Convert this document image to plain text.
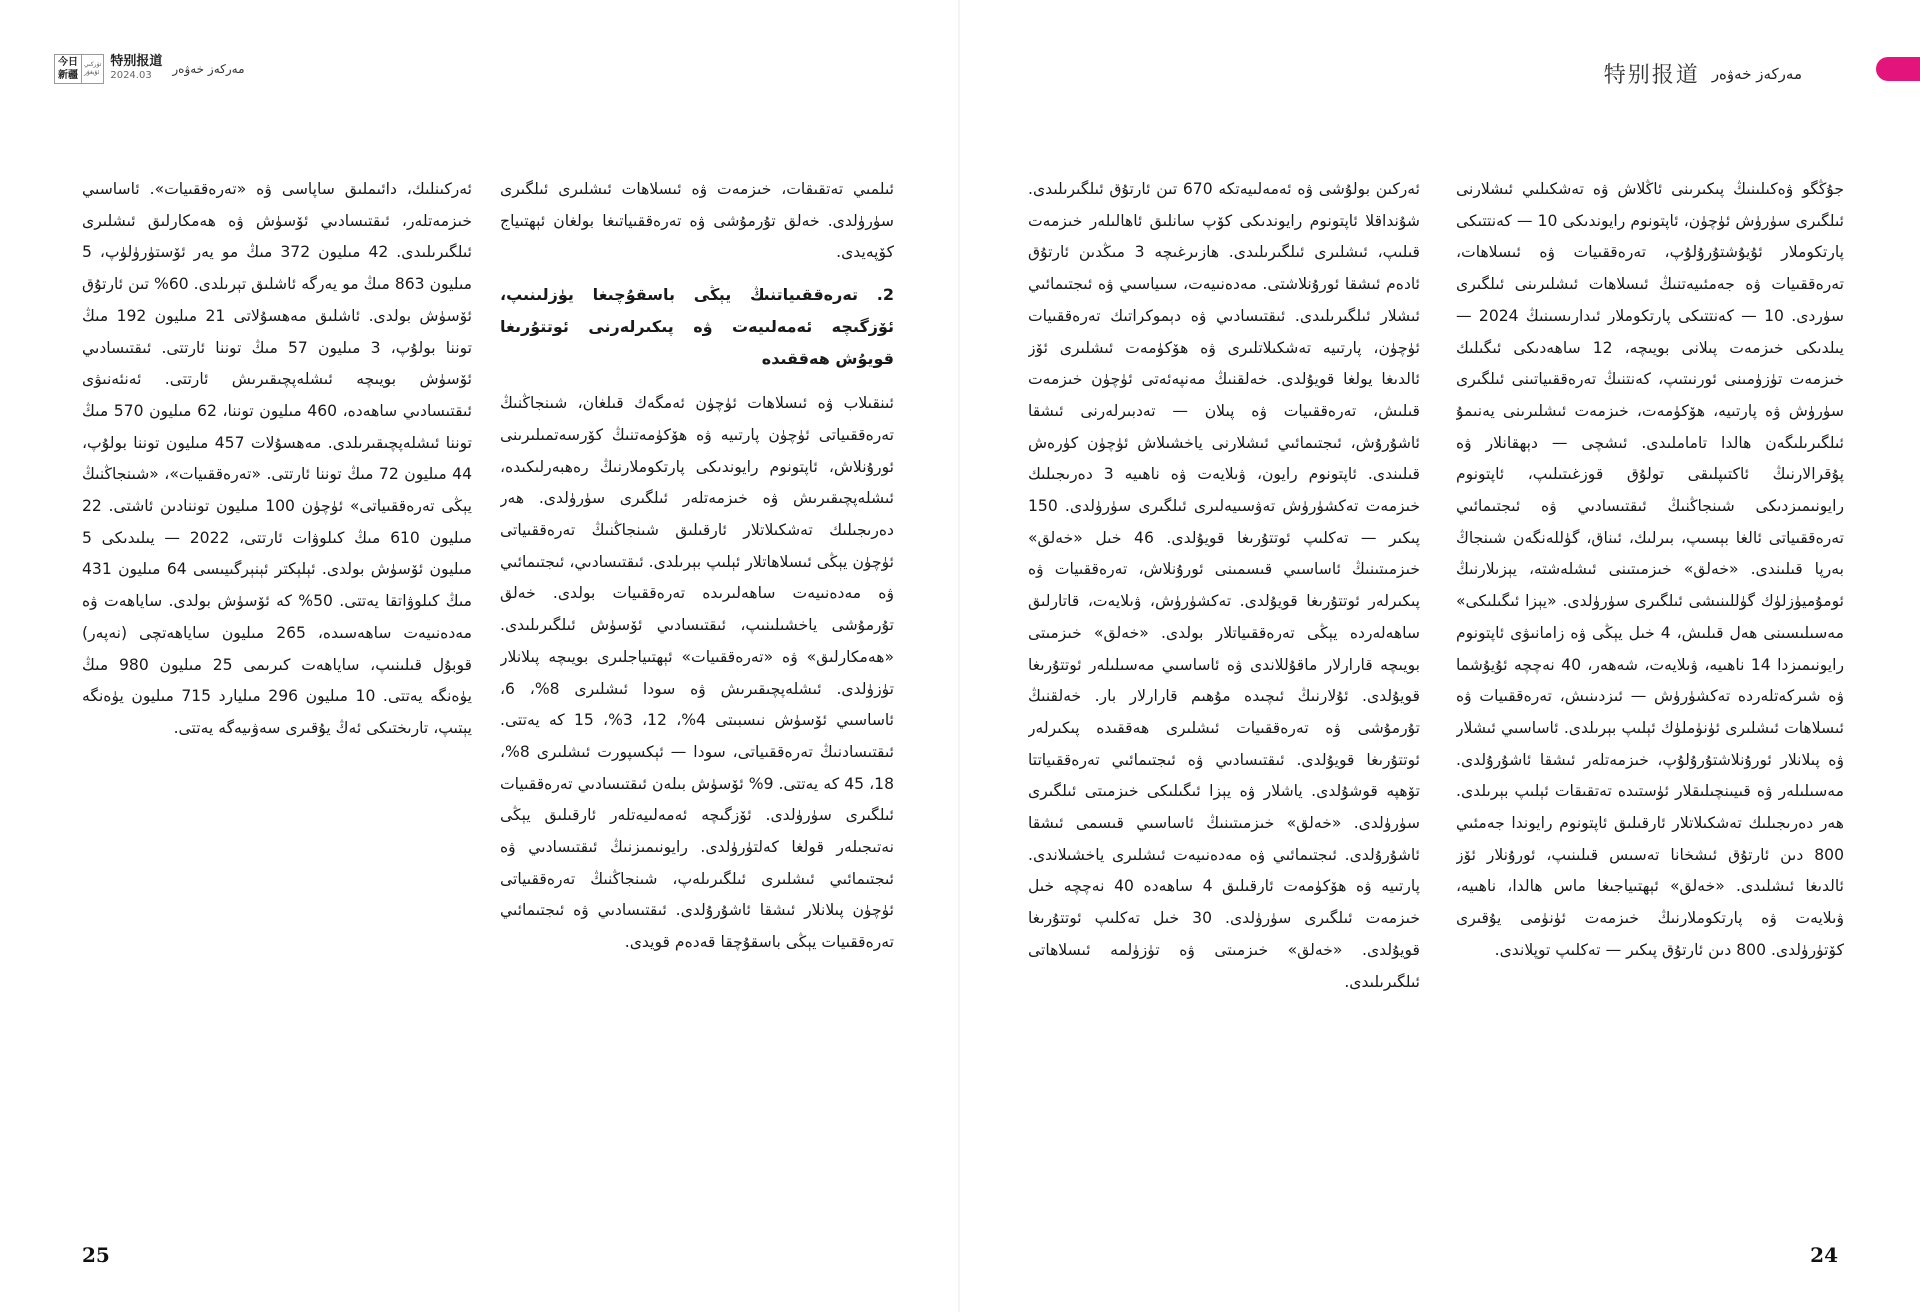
今日
新疆
تۈركىي
ئۇيغۇر
特别报道
2024.03	مەركەز خەۋەر	特别报道 مەركەز خەۋەر

جۇڭگو ۋەكىلىنىڭ پىكىرىنى ئاڭلاش ۋە تەشكىلىي ئىشلارنى ئىلگىرى سۈرۈش ئۈچۈن، ئاپتونوم رايوندىكى 10 — كەنتتىكى پارتكوملار ئۇيۇشتۇرۇلۇپ، تەرەققىيات ۋە ئىسلاھات، تەرەققىيات ۋە جەمئىيەتنىڭ ئىسلاھات ئىشلىرىنى ئىلگىرى سۈردى. 10 — كەنتتىكى پارتكوملار ئىدارىسىنىڭ 2024 — يىلدىكى خىزمەت پىلانى بويىچە، 12 ساھەدىكى ئىگىلىك خىزمەت تۈزۈمىنى ئورنىتىپ، كەنتنىڭ تەرەققىياتىنى ئىلگىرى سۈرۈش ۋە پارتىيە، ھۆكۈمەت، خىزمەت ئىشلىرىنى يەنىمۇ ئىلگىرىلىگەن ھالدا تاماملىدى. ئىشچى — دېھقانلار ۋە پۇقرالارنىڭ ئاكتىپلىقى تولۇق قوزغىتىلىپ، ئاپتونوم رايونىمىزدىكى شىنجاڭنىڭ ئىقتىسادىي ۋە ئىجتىمائىي تەرەققىياتى ئالغا بېسىپ، بىرلىك، ئىناق، گۈللەنگەن شىنجاڭ بەرپا قىلىندى. «خەلق» خىزمىتىنى ئىشلەشتە، يېزىلارنىڭ ئومۇميۈزلۈك گۈللىنىشى ئىلگىرى سۈرۈلدى. «يېزا ئىگىلىكى» مەسىلىسىنى ھەل قىلىش، 4 خىل يېڭى ۋە زامانىۋى ئاپتونوم رايونىمىزدا 14 ناھىيە، ۋىلايەت، شەھەر، 40 نەچچە ئۇيۇشما ۋە شىركەتلەردە تەكشۈرۈش — ئىزدىنىش، تەرەققىيات ۋە ئىسلاھات ئىشلىرى ئۈنۈملۈك ئېلىپ بېرىلدى. ئاساسىي ئىشلار ۋە پىلانلار ئورۇنلاشتۇرۇلۇپ، خىزمەتلەر ئىشقا ئاشۇرۇلدى. مەسىلىلەر ۋە قىيىنچىلىقلار ئۈستىدە تەتقىقات ئېلىپ بېرىلدى. ھەر دەرىجىلىك تەشكىلاتلار ئارقىلىق ئاپتونوم رايوندا جەمئىي 800 دىن ئارتۇق ئىشخانا تەسىس قىلىنىپ، ئورۇنلار ئۆز ئالدىغا ئىشلىدى. «خەلق» ئېھتىياجىغا ماس ھالدا، ناھىيە، ۋىلايەت ۋە پارتكوملارنىڭ خىزمەت ئۈنۈمى يۇقىرى كۆتۈرۈلدى. 800 دىن ئارتۇق پىكىر — تەكلىپ توپلاندى.

ئەركىن بولۇشى ۋە ئەمەلىيەتكە 670 تىن ئارتۇق ئىلگىرىلىدى. شۇنداقلا ئاپتونوم رايوندىكى كۆپ سانلىق ئاھالىلەر خىزمەت قىلىپ، ئىشلىرى ئىلگىرىلىدى. ھازىرغىچە 3 مىڭدىن ئارتۇق ئادەم ئىشقا ئورۇنلاشتى. مەدەنىيەت، سىياسىي ۋە ئىجتىمائىي ئىشلار ئىلگىرىلىدى. ئىقتىسادىي ۋە دېموكراتىك تەرەققىيات ئۈچۈن، پارتىيە تەشكىلاتلىرى ۋە ھۆكۈمەت ئىشلىرى ئۆز ئالدىغا يولغا قويۇلدى. خەلقنىڭ مەنپەئەتى ئۈچۈن خىزمەت قىلىش، تەرەققىيات ۋە پىلان — تەدبىرلەرنى ئىشقا ئاشۇرۇش، ئىجتىمائىي ئىشلارنى ياخشىلاش ئۈچۈن كۈرەش قىلىندى. ئاپتونوم رايون، ۋىلايەت ۋە ناھىيە 3 دەرىجىلىك خىزمەت تەكشۈرۈش تەۋسىيەلىرى ئىلگىرى سۈرۈلدى. 150 پىكىر — تەكلىپ ئوتتۇرىغا قويۇلدى. 46 خىل «خەلق» خىزمىتىنىڭ ئاساسىي قىسمىنى ئورۇنلاش، تەرەققىيات ۋە پىكىرلەر ئوتتۇرىغا قويۇلدى. تەكشۈرۈش، ۋىلايەت، قاتارلىق ساھەلەردە يېڭى تەرەققىياتلار بولدى. «خەلق» خىزمىتى بويىچە قارارلار ماقۇللاندى ۋە ئاساسىي مەسىلىلەر ئوتتۇرىغا قويۇلدى. ئۇلارنىڭ ئىچىدە مۇھىم قارارلار بار. خەلقنىڭ تۇرمۇشى ۋە تەرەققىيات ئىشلىرى ھەققىدە پىكىرلەر ئوتتۇرىغا قويۇلدى. ئىقتىسادىي ۋە ئىجتىمائىي تەرەققىياتتا تۆھپە قوشۇلدى. ياشلار ۋە يېزا ئىگىلىكى خىزمىتى ئىلگىرى سۈرۈلدى. «خەلق» خىزمىتىنىڭ ئاساسىي قىسمى ئىشقا ئاشۇرۇلدى. ئىجتىمائىي ۋە مەدەنىيەت ئىشلىرى ياخشىلاندى. پارتىيە ۋە ھۆكۈمەت ئارقىلىق 4 ساھەدە 40 نەچچە خىل خىزمەت ئىلگىرى سۈرۈلدى. 30 خىل تەكلىپ ئوتتۇرىغا قويۇلدى. «خەلق» خىزمىتى ۋە تۈزۈلمە ئىسلاھاتى ئىلگىرىلىدى.

ئىلمىي تەتقىقات، خىزمەت ۋە ئىسلاھات ئىشلىرى ئىلگىرى سۈرۈلدى. خەلق تۇرمۇشى ۋە تەرەققىياتىغا بولغان ئېھتىياج كۆپەيدى.

2. تەرەققىياتنىڭ يېڭى باسقۇچىغا يۈزلىنىپ، ئۆزگىچە ئەمەلىيەت ۋە پىكىرلەرنى ئوتتۇرىغا قويۇش ھەققىدە

ئىنقىلاب ۋە ئىسلاھات ئۈچۈن ئەمگەك قىلغان، شىنجاڭنىڭ تەرەققىياتى ئۈچۈن پارتىيە ۋە ھۆكۈمەتنىڭ كۆرسەتمىلىرىنى ئورۇنلاش، ئاپتونوم رايوندىكى پارتكوملارنىڭ رەھبەرلىكىدە، ئىشلەپچىقىرىش ۋە خىزمەتلەر ئىلگىرى سۈرۈلدى. ھەر دەرىجىلىك تەشكىلاتلار ئارقىلىق شىنجاڭنىڭ تەرەققىياتى ئۈچۈن يېڭى ئىسلاھاتلار ئېلىپ بېرىلدى. ئىقتىسادىي، ئىجتىمائىي ۋە مەدەنىيەت ساھەلىرىدە تەرەققىيات بولدى. خەلق تۇرمۇشى ياخشىلىنىپ، ئىقتىسادىي ئۆسۈش ئىلگىرىلىدى. «ھەمكارلىق» ۋە «تەرەققىيات» ئېھتىياجلىرى بويىچە پىلانلار تۈزۈلدى. ئىشلەپچىقىرىش ۋە سودا ئىشلىرى 8%، 6، ئاساسىي ئۆسۈش نىسبىتى 4%، 12، 3%، 15 كە يەتتى. ئىقتىسادنىڭ تەرەققىياتى، سودا — ئېكسپورت ئىشلىرى 8%، 18، 45 كە يەتتى. 9% ئۆسۈش بىلەن ئىقتىسادىي تەرەققىيات ئىلگىرى سۈرۈلدى. ئۆزگىچە ئەمەلىيەتلەر ئارقىلىق يېڭى نەتىجىلەر قولغا كەلتۈرۈلدى. رايونىمىزنىڭ ئىقتىسادىي ۋە ئىجتىمائىي ئىشلىرى ئىلگىرىلەپ، شىنجاڭنىڭ تەرەققىياتى ئۈچۈن پىلانلار ئىشقا ئاشۇرۇلدى. ئىقتىسادىي ۋە ئىجتىمائىي تەرەققىيات يېڭى باسقۇچقا قەدەم قويدى.

ئەركىنلىك، دائىملىق ساپاسى ۋە «تەرەققىيات». ئاساسىي خىزمەتلەر، ئىقتىسادىي ئۆسۈش ۋە ھەمكارلىق ئىشلىرى ئىلگىرىلىدى. 42 مىليون 372 مىڭ مو يەر ئۆستۈرۈلۈپ، 5 مىليون 863 مىڭ مو يەرگە ئاشلىق تېرىلدى. 60% تىن ئارتۇق ئۆسۈش بولدى. ئاشلىق مەھسۇلاتى 21 مىليون 192 مىڭ توننا بولۇپ، 3 مىليون 57 مىڭ توننا ئارتتى. ئىقتىسادىي ئۆسۈش بويىچە ئىشلەپچىقىرىش ئارتتى. ئەنئەنىۋى ئىقتىسادىي ساھەدە، 460 مىليون توننا، 62 مىليون 570 مىڭ توننا ئىشلەپچىقىرىلدى. مەھسۇلات 457 مىليون توننا بولۇپ، 44 مىليون 72 مىڭ توننا ئارتتى. «تەرەققىيات»، «شىنجاڭنىڭ يېڭى تەرەققىياتى» ئۈچۈن 100 مىليون توننادىن ئاشتى. 22 مىليون 610 مىڭ كىلوۋات ئارتتى، 2022 — يىلىدىكى 5 مىليون ئۆسۈش بولدى. ئېلېكتر ئېنېرگىيىسى 64 مىليون 431 مىڭ كىلوۋاتقا يەتتى. 50% كە ئۆسۈش بولدى. ساياھەت ۋە مەدەنىيەت ساھەسىدە، 265 مىليون ساياھەتچى (نەپەر) قوبۇل قىلىنىپ، ساياھەت كىرىمى 25 مىليون 980 مىڭ يۈەنگە يەتتى. 10 مىليون 296 مىليارد 715 مىليون يۈەنگە يېتىپ، تارىختىكى ئەڭ يۇقىرى سەۋىيەگە يەتتى.

25	24
